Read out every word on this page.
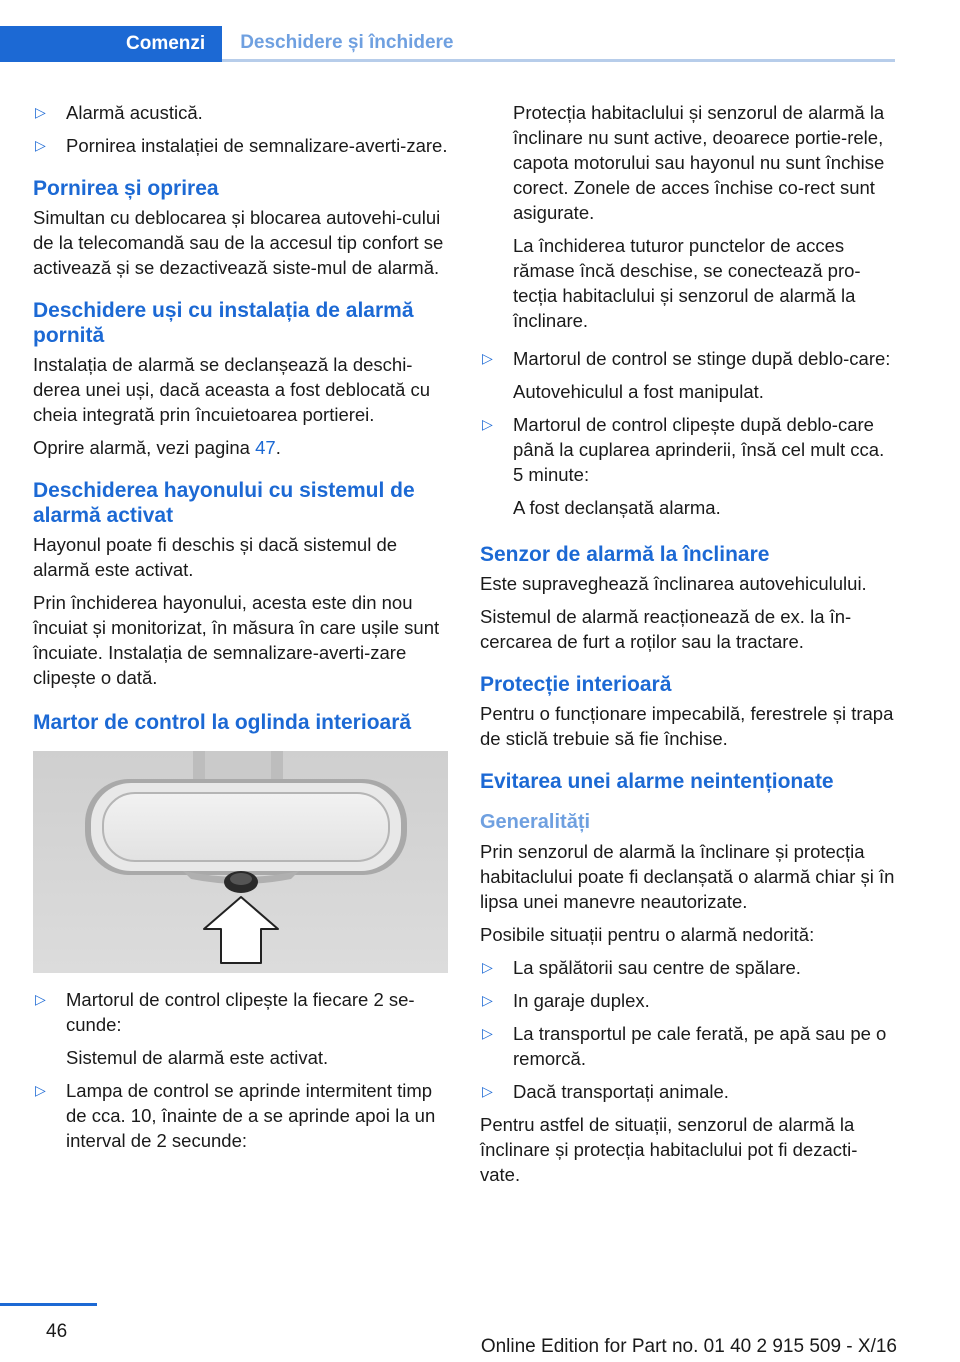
Comenzi	Deschidere și închidere
▷ Alarmă acustică.
▷ Pornirea instalației de semnalizare-averti‐zare.
Pornirea și oprirea

Simultan cu deblocarea și blocarea autovehi‐cului de la telecomandă sau de la accesul tip confort se activează și se dezactivează siste‐mul de alarmă.

Deschidere uși cu instalația de alarmă pornită

Instalația de alarmă se declanșează la deschi‐derea unei uși, dacă aceasta a fost deblocată cu cheia integrată prin încuietoarea portierei.

Oprire alarmă, vezi pagina 47.

Deschiderea hayonului cu sistemul de alarmă activat

Hayonul poate fi deschis și dacă sistemul de alarmă este activat.

Prin închiderea hayonului, acesta este din nou încuiat și monitorizat, în măsura în care ușile sunt încuiate. Instalația de semnalizare-averti‐zare clipește o dată.

Martor de control la oglinda interioară
▷ Martorul de control clipește la fiecare 2 se‐cunde:
Sistemul de alarmă este activat.
▷ Lampa de control se aprinde intermitent timp de cca. 10, înainte de a se aprinde apoi la un interval de 2 secunde:

Protecția habitaclului și senzorul de alarmă la înclinare nu sunt active, deoarece portie‐rele, capota motorului sau hayonul nu sunt închise corect. Zonele de acces închise co‐rect sunt asigurate.

La închiderea tuturor punctelor de acces rămase încă deschise, se conectează pro‐tecția habitaclului și senzorul de alarmă la înclinare.

▷ Martorul de control se stinge după deblo‐care:
Autovehiculul a fost manipulat.
▷ Martorul de control clipește după deblo‐care până la cuplarea aprinderii, însă cel mult cca. 5 minute:
A fost declanșată alarma.
Senzor de alarmă la înclinare

Este supraveghează înclinarea autovehiculului.

Sistemul de alarmă reacționează de ex. la în‐cercarea de furt a roților sau la tractare.

Protecție interioară

Pentru o funcționare impecabilă, ferestrele și trapa de sticlă trebuie să fie închise.

Evitarea unei alarme neintenționate
Generalități

Prin senzorul de alarmă la înclinare și protecția habitaclului poate fi declanșată o alarmă chiar și în lipsa unei manevre neautorizate.

Posibile situații pentru o alarmă nedorită:

▷ La spălătorii sau centre de spălare.
▷ In garaje duplex.
▷ La transportul pe cale ferată, pe apă sau pe o remorcă.
▷ Dacă transportați animale.

Pentru astfel de situații, senzorul de alarmă la înclinare și protecția habitaclului pot fi dezacti‐vate.

46
Online Edition for Part no. 01 40 2 915 509 - X/16
